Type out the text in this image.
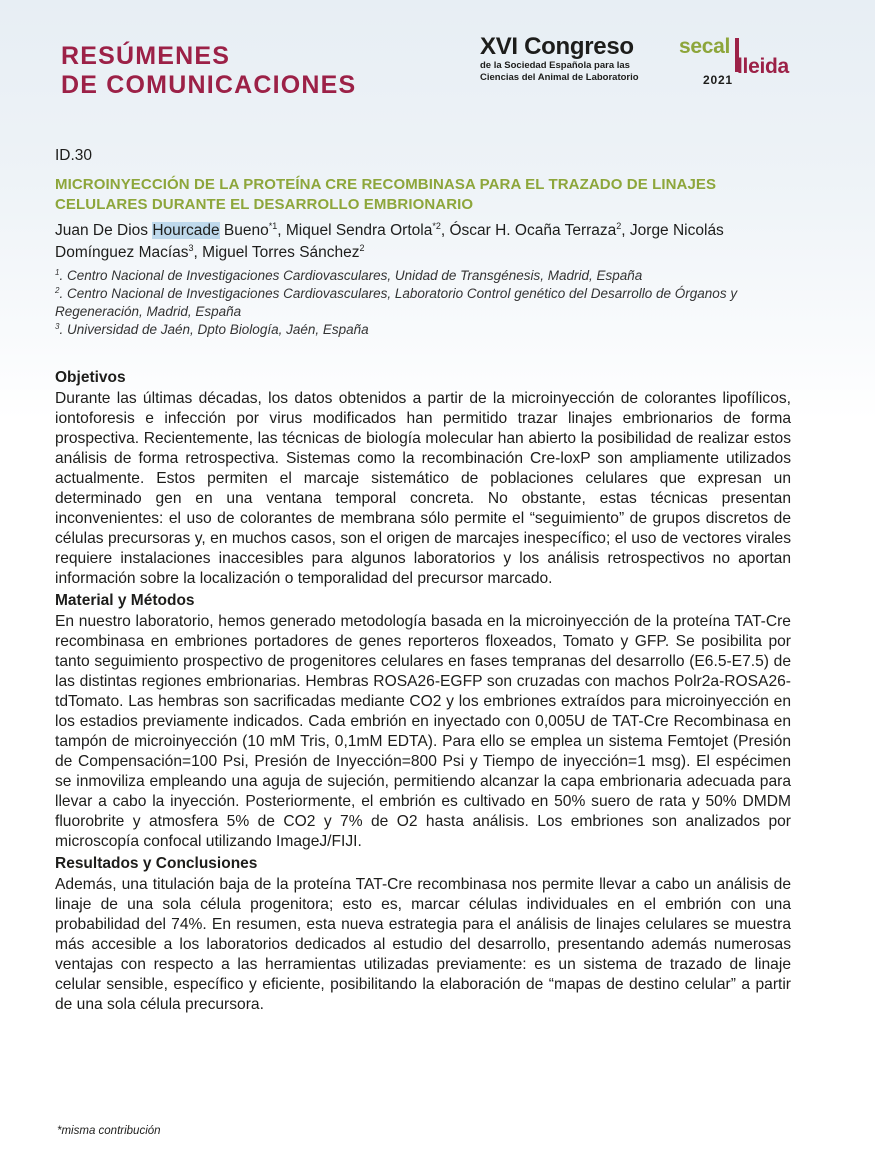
RESÚMENES
DE COMUNICACIONES
XVI Congreso
de la Sociedad Española para las
Ciencias del Animal de Laboratorio
secal
lleida
2021
ID.30
MICROINYECCIÓN DE LA PROTEÍNA CRE RECOMBINASA PARA EL TRAZADO DE LINAJES CELULARES DURANTE EL DESARROLLO EMBRIONARIO
Juan De Dios Hourcade Bueno$^{*1}$, Miquel Sendra Ortola$^{*2}$, Óscar H. Ocaña Terraza$^2$, Jorge Nicolás Domínguez Macías$^3$, Miguel Torres Sánchez$^2$
$^1$. Centro Nacional de Investigaciones Cardiovasculares, Unidad de Transgénesis, Madrid, España
$^2$. Centro Nacional de Investigaciones Cardiovasculares, Laboratorio Control genético del Desarrollo de Órganos y Regeneración, Madrid, España
$^3$. Universidad de Jaén, Dpto Biología, Jaén, España
Objetivos

Durante las últimas décadas, los datos obtenidos a partir de la microinyección de colorantes lipofílicos, iontoforesis e infección por virus modificados han permitido trazar linajes embrionarios de forma prospectiva. Recientemente, las técnicas de biología molecular han abierto la posibilidad de realizar estos análisis de forma retrospectiva. Sistemas como la recombinación Cre-loxP son ampliamente utilizados actualmente. Estos permiten el marcaje sistemático de poblaciones celulares que expresan un determinado gen en una ventana temporal concreta. No obstante, estas técnicas presentan inconvenientes: el uso de colorantes de membrana sólo permite el “seguimiento” de grupos discretos de células precursoras y, en muchos casos, son el origen de marcajes inespecífico; el uso de vectores virales requiere instalaciones inaccesibles para algunos laboratorios y los análisis retrospectivos no aportan información sobre la localización o temporalidad del precursor marcado.

Material y Métodos

En nuestro laboratorio, hemos generado metodología basada en la microinyección de la proteína TAT-Cre recombinasa en embriones portadores de genes reporteros floxeados, Tomato y GFP. Se posibilita por tanto seguimiento prospectivo de progenitores celulares en fases tempranas del desarrollo (E6.5-E7.5) de las distintas regiones embrionarias. Hembras ROSA26-EGFP son cruzadas con machos Polr2a-ROSA26-tdTomato. Las hembras son sacrificadas mediante CO2 y los embriones extraídos para microinyección en los estadios previamente indicados. Cada embrión en inyectado con 0,005U de TAT-Cre Recombinasa en tampón de microinyección (10 mM Tris, 0,1mM EDTA). Para ello se emplea un sistema Femtojet (Presión de Compensación=100 Psi, Presión de Inyección=800 Psi y Tiempo de inyección=1 msg). El espécimen se inmoviliza empleando una aguja de sujeción, permitiendo alcanzar la capa embrionaria adecuada para llevar a cabo la inyección. Posteriormente, el embrión es cultivado en 50% suero de rata y 50% DMDM fluorobrite y atmosfera 5% de CO2 y 7% de O2 hasta análisis. Los embriones son analizados por microscopía confocal utilizando ImageJ/FIJI.

Resultados y Conclusiones

Además, una titulación baja de la proteína TAT-Cre recombinasa nos permite llevar a cabo un análisis de linaje de una sola célula progenitora; esto es, marcar células individuales en el embrión con una probabilidad del 74%. En resumen, esta nueva estrategia para el análisis de linajes celulares se muestra más accesible a los laboratorios dedicados al estudio del desarrollo, presentando además numerosas ventajas con respecto a las herramientas utilizadas previamente: es un sistema de trazado de linaje celular sensible, específico y eficiente, posibilitando la elaboración de “mapas de destino celular” a partir de una sola célula precursora.

*misma contribución
